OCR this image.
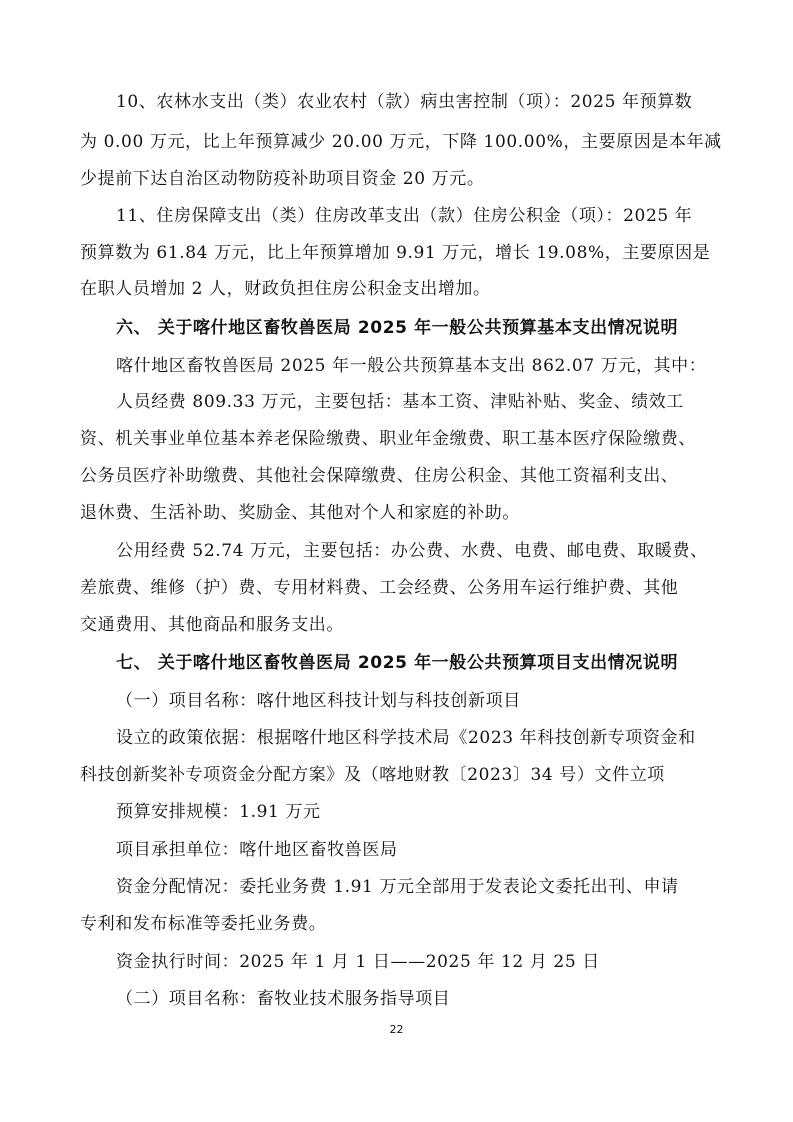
10、农林水支出（类）农业农村（款）病虫害控制（项）：2025 年预算数
为 0.00 万元，比上年预算减少 20.00 万元，下降 100.00%，主要原因是本年减
少提前下达自治区动物防疫补助项目资金 20 万元。
11、住房保障支出（类）住房改革支出（款）住房公积金（项）：2025 年
预算数为 61.84 万元，比上年预算增加 9.91 万元，增长 19.08%，主要原因是
在职人员增加 2 人，财政负担住房公积金支出增加。
六、 关于喀什地区畜牧兽医局 2025 年一般公共预算基本支出情况说明
喀什地区畜牧兽医局 2025 年一般公共预算基本支出 862.07 万元，其中：
人员经费 809.33 万元，主要包括：基本工资、津贴补贴、奖金、绩效工
资、机关事业单位基本养老保险缴费、职业年金缴费、职工基本医疗保险缴费、
公务员医疗补助缴费、其他社会保障缴费、住房公积金、其他工资福利支出、
退休费、生活补助、奖励金、其他对个人和家庭的补助。
公用经费 52.74 万元，主要包括：办公费、水费、电费、邮电费、取暖费、
差旅费、维修（护）费、专用材料费、工会经费、公务用车运行维护费、其他
交通费用、其他商品和服务支出。
七、 关于喀什地区畜牧兽医局 2025 年一般公共预算项目支出情况说明
（一）项目名称：喀什地区科技计划与科技创新项目
设立的政策依据：根据喀什地区科学技术局《2023 年科技创新专项资金和
科技创新奖补专项资金分配方案》及（喀地财教〔2023〕34 号）文件立项
预算安排规模：1.91 万元
项目承担单位：喀什地区畜牧兽医局
资金分配情况：委托业务费 1.91 万元全部用于发表论文委托出刊、申请
专利和发布标准等委托业务费。
资金执行时间：2025 年 1 月 1 日——2025 年 12 月 25 日
（二）项目名称：畜牧业技术服务指导项目
22
